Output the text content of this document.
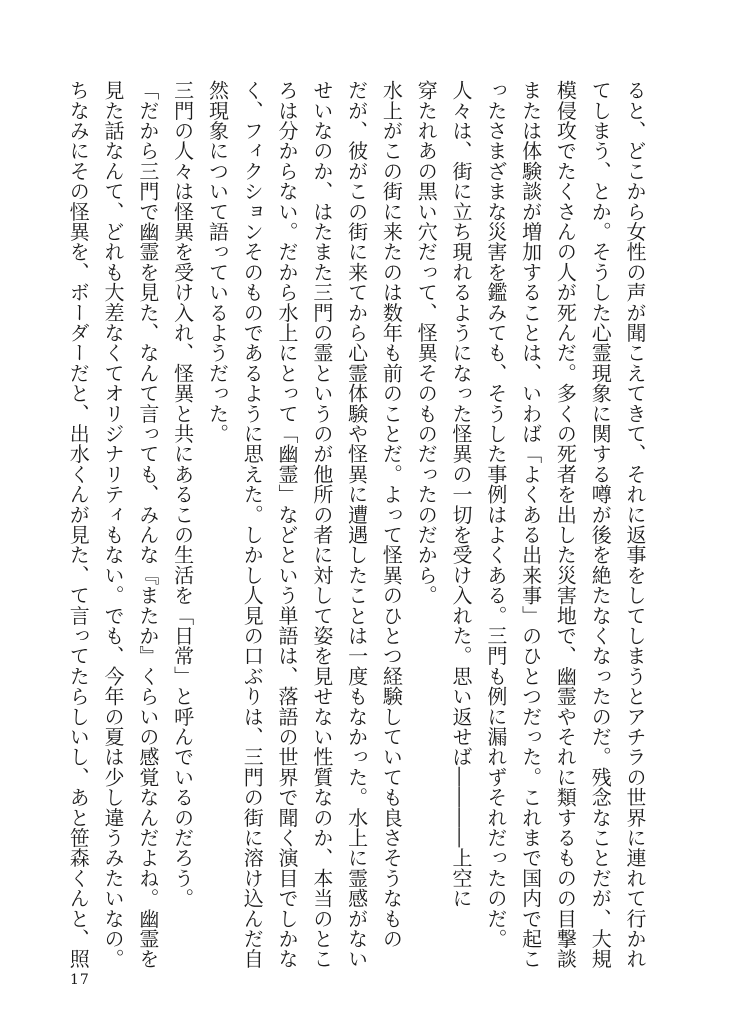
ると、どこから女性の声が聞こえてきて、それに返事をしてしまうとアチラの世界に連れて行かれ
てしまう、とか。そうした心霊現象に関する噂が後を絶たなくなったのだ。残念なことだが、大規
模侵攻でたくさんの人が死んだ。多くの死者を出した災害地で、幽霊やそれに類するものの目撃談
または体験談が増加することは、いわば「よくある出来事」のひとつだった。これまで国内で起こ
ったさまざまな災害を鑑みても、そうした事例はよくある。三門も例に漏れずそれだったのだ。
人々は、街に立ち現れるようになった怪異の一切を受け入れた。思い返せば――――上空に
穿たれあの黒い穴だって、怪異そのものだったのだから。
水上がこの街に来たのは数年も前のことだ。よって怪異のひとつ経験していても良さそうなもの
だが、彼がこの街に来てから心霊体験や怪異に遭遇したことは一度もなかった。水上に霊感がない
せいなのか、はたまた三門の霊というのが他所の者に対して姿を見せない性質なのか、本当のとこ
ろは分からない。だから水上にとって「幽霊」などという単語は、落語の世界で聞く演目でしかな
く、フィクションそのものであるように思えた。しかし人見の口ぶりは、三門の街に溶け込んだ自
然現象について語っているようだった。
三門の人々は怪異を受け入れ、怪異と共にあるこの生活を「日常」と呼んでいるのだろう。
「だから三門で幽霊を見た、なんて言っても、みんな『またか』くらいの感覚なんだよね。幽霊を
見た話なんて、どれも大差なくてオリジナリティもない。でも、今年の夏は少し違うみたいなの。
ちなみにその怪異を、ボーダーだと、出水くんが見た、て言ってたらしいし、あと笹森くんと、照
17
